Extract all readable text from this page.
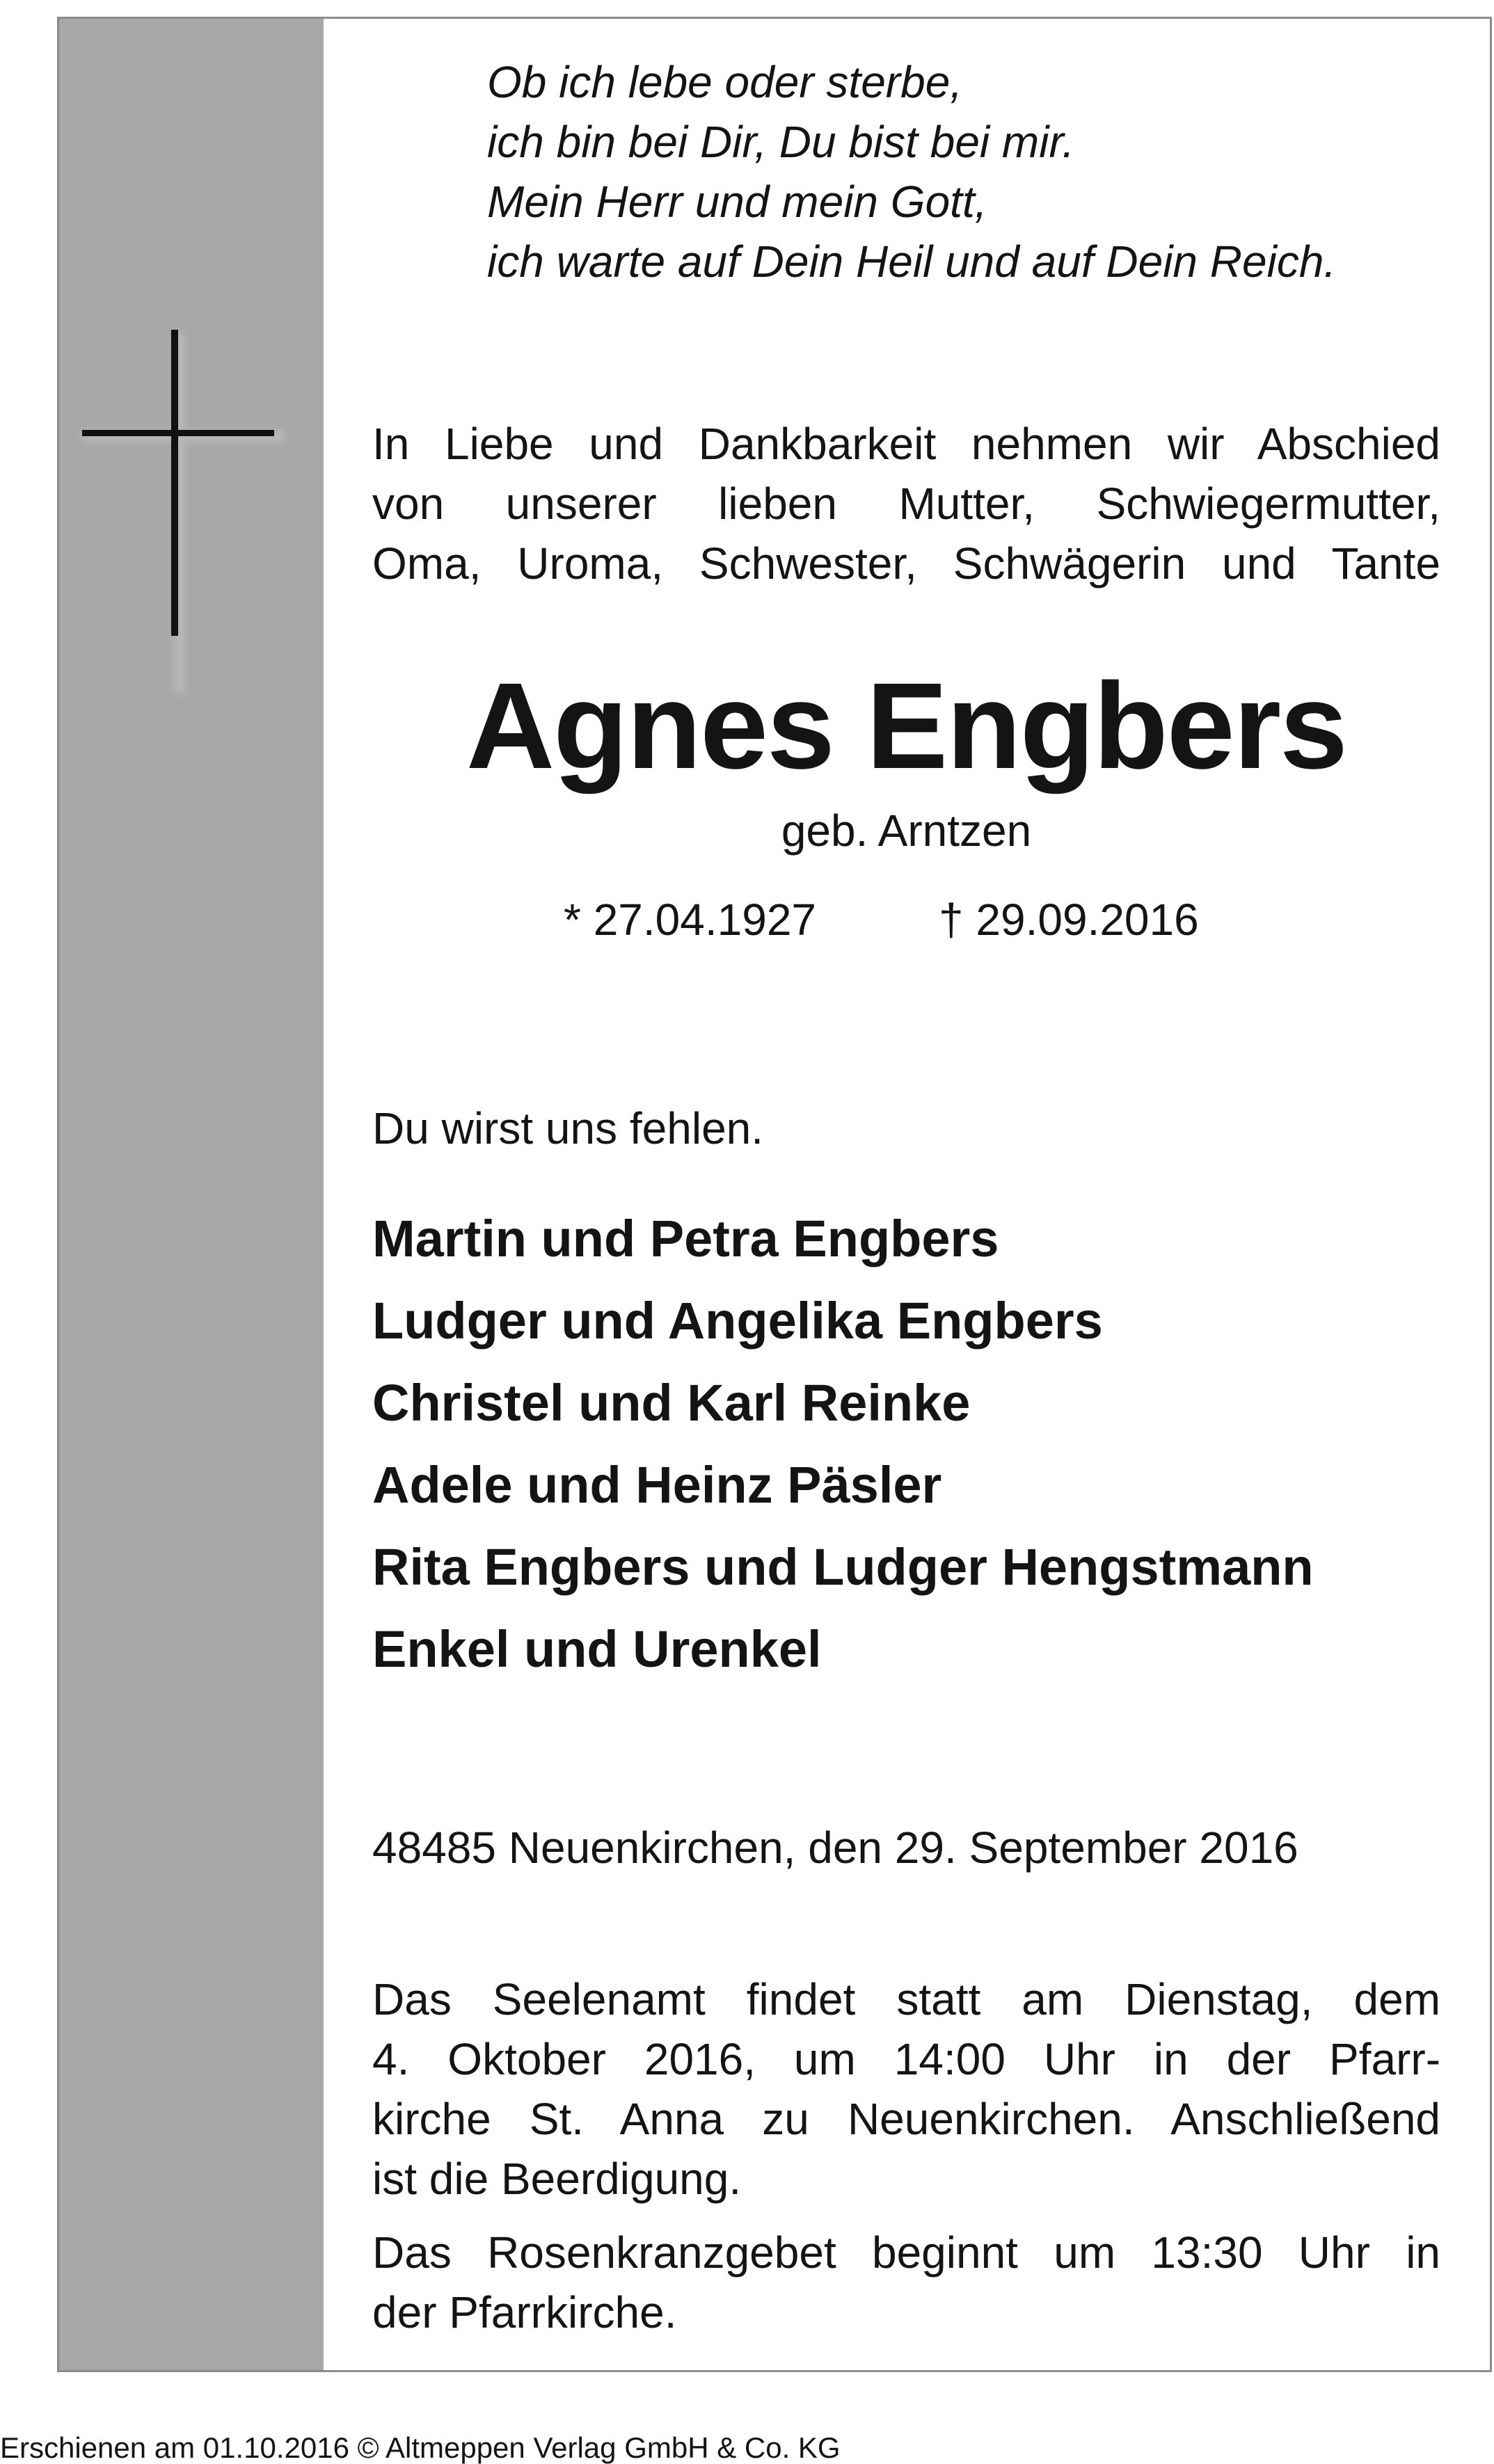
Ob ich lebe oder sterbe,
ich bin bei Dir, Du bist bei mir.
Mein Herr und mein Gott,
ich warte auf Dein Heil und auf Dein Reich.
In Liebe und Dankbarkeit nehmen wir Abschied
von unserer lieben Mutter, Schwiegermutter,
Oma, Uroma, Schwester, Schwägerin und Tante
Agnes Engbers
geb. Arntzen
* 27.04.1927	† 29.09.2016
Du wirst uns fehlen.
Martin und Petra Engbers
Ludger und Angelika Engbers
Christel und Karl Reinke
Adele und Heinz Päsler
Rita Engbers und Ludger Hengstmann
Enkel und Urenkel
48485 Neuenkirchen, den 29. September 2016
Das Seelenamt findet statt am Dienstag, dem
4. Oktober 2016, um 14:00 Uhr in der Pfarr-
kirche St. Anna zu Neuenkirchen. Anschließend
ist die Beerdigung.
Das Rosenkranzgebet beginnt um 13:30 Uhr in
der Pfarrkirche.
Erschienen am 01.10.2016 © Altmeppen Verlag GmbH & Co. KG
